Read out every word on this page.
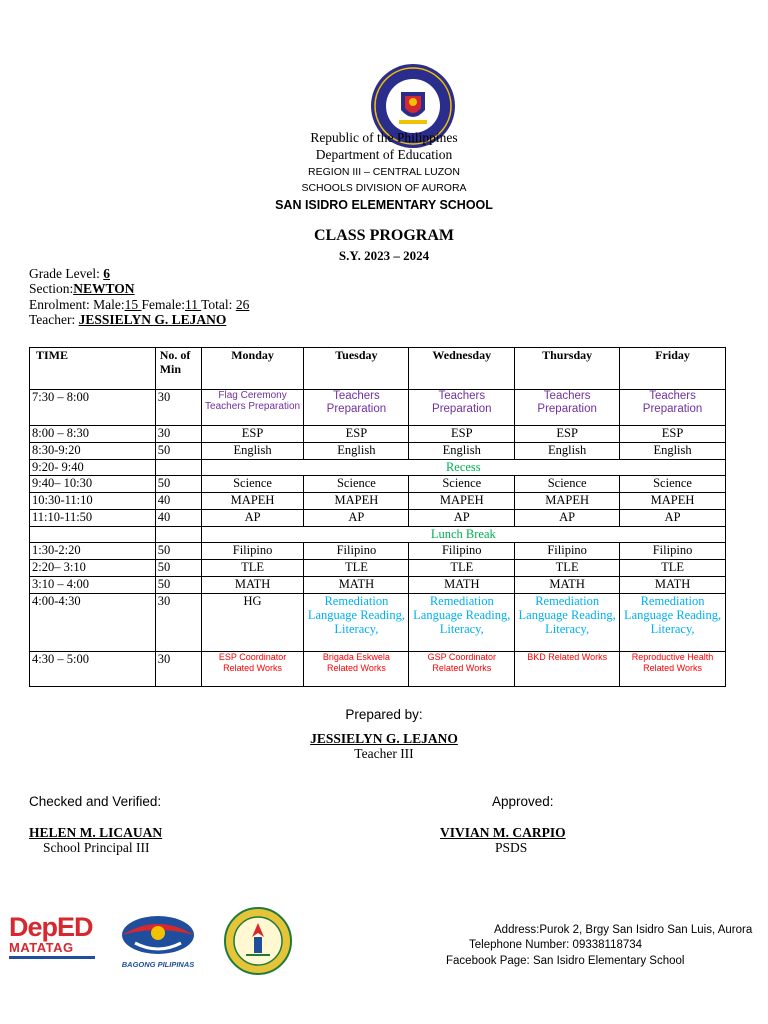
Republic of the Philippines
Department of Education
REGION III – CENTRAL LUZON
SCHOOLS DIVISION OF AURORA
SAN ISIDRO ELEMENTARY SCHOOL
CLASS PROGRAM
S.Y. 2023 – 2024
Grade Level: 6
Section:NEWTON
Enrolment: Male:15 Female:11 Total: 26
Teacher: JESSIELYN G. LEJANO
TIME	No. of Min	Monday	Tuesday	Wednesday	Thursday	Friday
7:30 – 8:00	30	Flag Ceremony Teachers Preparation	Teachers Preparation	Teachers Preparation	Teachers Preparation	Teachers Preparation
8:00 – 8:30	30	ESP	ESP	ESP	ESP	ESP
8:30-9:20	50	English	English	English	English	English
9:20- 9:40		Recess				
9:40– 10:30	50	Science	Science	Science	Science	Science
10:30-11:10	40	MAPEH	MAPEH	MAPEH	MAPEH	MAPEH
11:10-11:50	40	AP	AP	AP	AP	AP
		Lunch Break				
1:30-2:20	50	Filipino	Filipino	Filipino	Filipino	Filipino
2:20– 3:10	50	TLE	TLE	TLE	TLE	TLE
3:10 – 4:00	50	MATH	MATH	MATH	MATH	MATH
4:00-4:30	30	HG	Remediation Language Reading, Literacy,	Remediation Language Reading, Literacy,	Remediation Language Reading, Literacy,	Remediation Language Reading, Literacy,
4:30 – 5:00	30	ESP Coordinator Related Works	Brigada Eskwela Related Works	GSP Coordinator Related Works	BKD Related Works	Reproductive Health Related Works
Prepared by:
JESSIELYN G. LEJANO
Teacher III
Checked and Verified:
HELEN M. LICAUAN
School Principal III
Approved:
VIVIAN M. CARPIO
PSDS
DepED
MATATAG
BAGONG PILIPINAS
Address:Purok 2, Brgy San Isidro San Luis, Aurora
Telephone Number: 09338118734
Facebook Page: San Isidro Elementary School
